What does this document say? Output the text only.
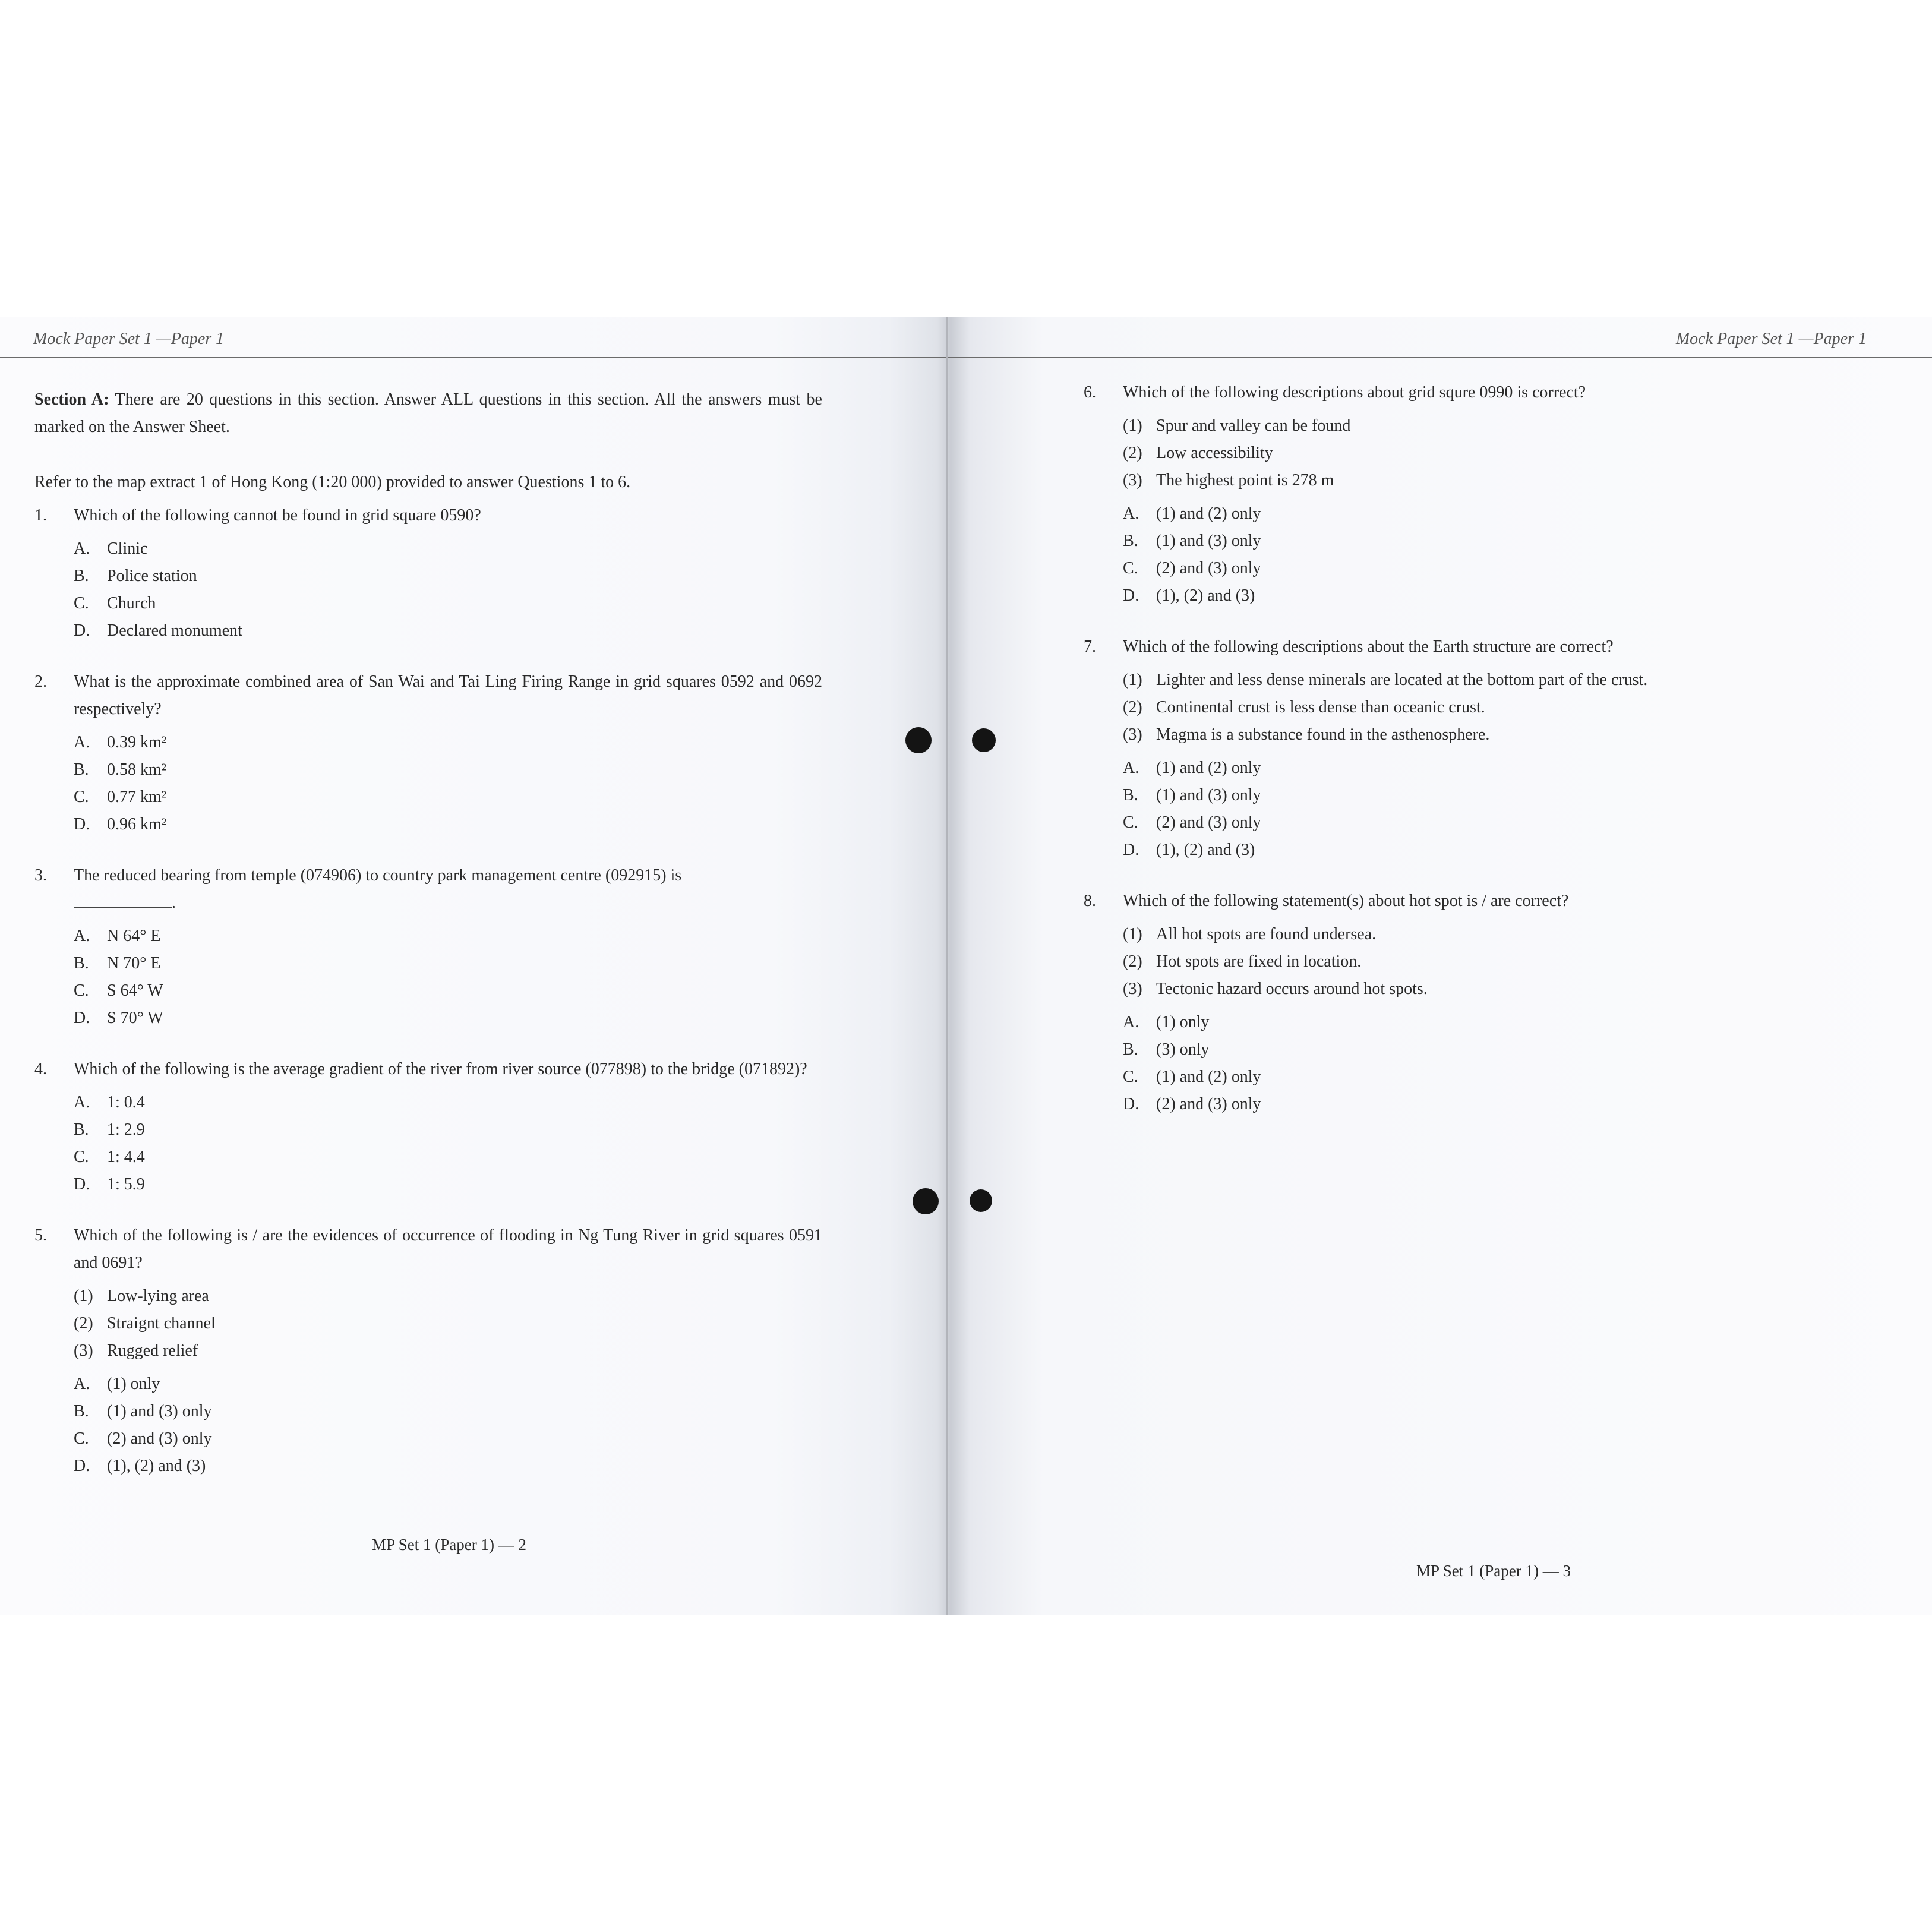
Mock Paper Set 1 —Paper 1

Section A: There are 20 questions in this section. Answer ALL questions in this section. All the answers must be marked on the Answer Sheet.

Refer to the map extract 1 of Hong Kong (1:20 000) provided to answer Questions 1 to 6.

1.	Which of the following cannot be found in grid square 0590?
A.	Clinic
B.	Police station
C.	Church
D.	Declared monument
2.	What is the approximate combined area of San Wai and Tai Ling Firing Range in grid squares 0592 and 0692 respectively?
A.	0.39 km²
B.	0.58 km²
C.	0.77 km²
D.	0.96 km²
3.	The reduced bearing from temple (074906) to country park management centre (092915) is
.
A.	N 64° E
B.	N 70° E
C.	S 64° W
D.	S 70° W
4.	Which of the following is the average gradient of the river from river source (077898) to the bridge (071892)?
A.	1: 0.4
B.	1: 2.9
C.	1: 4.4
D.	1: 5.9
5.	Which of the following is / are the evidences of occurrence of flooding in Ng Tung River in grid squares 0591 and 0691?
(1) Low-lying area
(2) Straignt channel
(3) Rugged relief
A.	(1) only
B.	(1) and (3) only
C.	(2) and (3) only
D.	(1), (2) and (3)
MP Set 1 (Paper 1) — 2
Mock Paper Set 1 —Paper 1
6.	Which of the following descriptions about grid squre 0990 is correct?
(1) Spur and valley can be found
(2) Low accessibility
(3) The highest point is 278 m
A.	(1) and (2) only
B.	(1) and (3) only
C.	(2) and (3) only
D.	(1), (2) and (3)
7.	Which of the following descriptions about the Earth structure are correct?
(1) Lighter and less dense minerals are located at the bottom part of the crust.
(2) Continental crust is less dense than oceanic crust.
(3) Magma is a substance found in the asthenosphere.
A.	(1) and (2) only
B.	(1) and (3) only
C.	(2) and (3) only
D.	(1), (2) and (3)
8.	Which of the following statement(s) about hot spot is / are correct?
(1) All hot spots are found undersea.
(2) Hot spots are fixed in location.
(3) Tectonic hazard occurs around hot spots.
A.	(1) only
B.	(3) only
C.	(1) and (2) only
D.	(2) and (3) only
MP Set 1 (Paper 1) — 3
